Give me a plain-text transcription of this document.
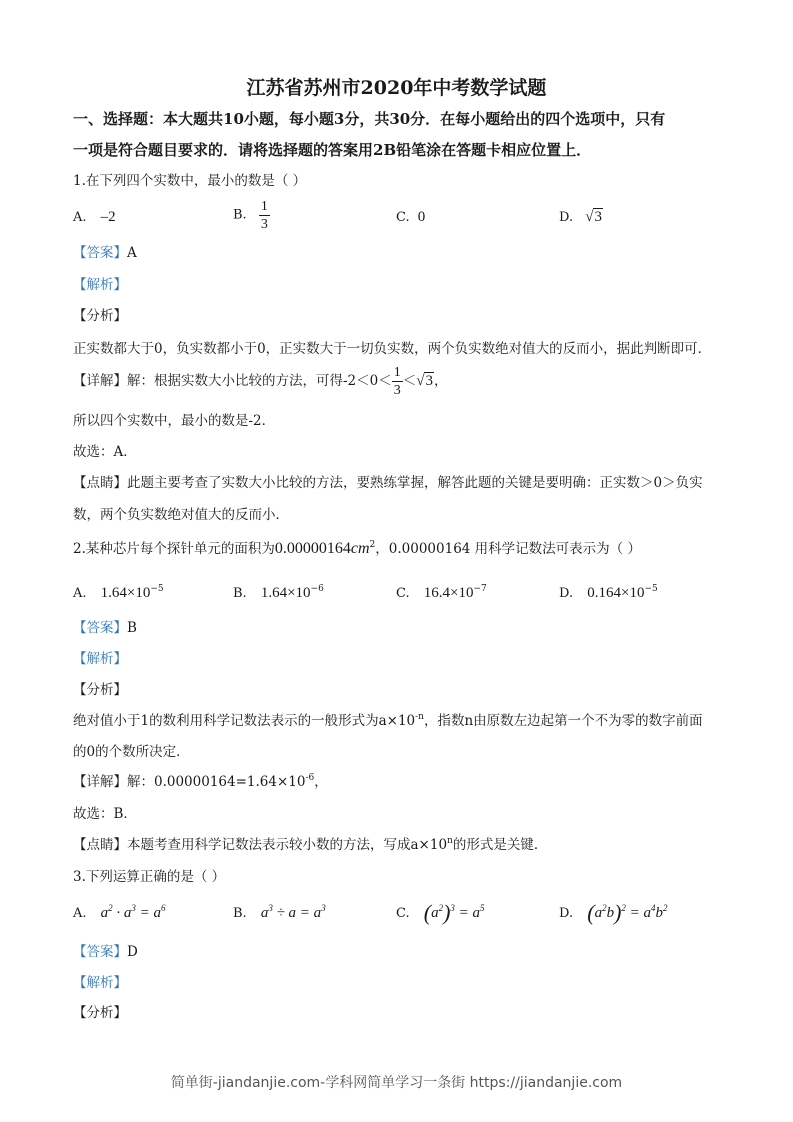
江苏省苏州市2020年中考数学试题
一、选择题：本大题共10小题，每小题3分，共30分．在每小题给出的四个选项中，只有
一项是符合题目要求的．请将选择题的答案用2B铅笔涂在答题卡相应位置上．
1.在下列四个实数中，最小的数是（ ）
A. –2	B. $\frac{1}{3}$	C. 0	D. √3
【答案】A
【解析】
【分析】
正实数都大于0，负实数都小于0，正实数大于一切负实数，两个负实数绝对值大的反而小，据此判断即可．
【详解】解：根据实数大小比较的方法，可得$-2<0< \frac{1}{3} <√3$，
所以四个实数中，最小的数是-2．
故选：A．
【点睛】此题主要考查了实数大小比较的方法，要熟练掌握，解答此题的关键是要明确：正实数＞0＞负实
数，两个负实数绝对值大的反而小．
2.某种芯片每个探针单元的面积为$0.00000164cm^2$，0.00000164 用科学记数法可表示为（ ）
A. $1.64\times 10^{-5}$	B. $1.64\times 10^{-6}$	C. $16.4\times 10^{-7}$	D. $0.164\times 10^{-5}$
【答案】B
【解析】
【分析】
绝对值小于1的数利用科学记数法表示的一般形式为$a\times 10^{-n}$，指数n由原数左边起第一个不为零的数字前面
的0的个数所决定．
【详解】解：$0.00000164=1.64\times 10^{-6}$，
故选：B．
【点睛】本题考查用科学记数法表示较小数的方法，写成$a\times 10^n$的形式是关键．
3.下列运算正确的是（ ）
A. $a^2 \cdot a^3 = a^6$	B. $a^3 \div a = a^3$	C. $(a^2)^3 = a^5$	D. $(a^2b)^2 = a^4b^2$
【答案】D
【解析】
【分析】
简单街-jiandanjie.com-学科网简单学习一条街 https://jiandanjie.com
